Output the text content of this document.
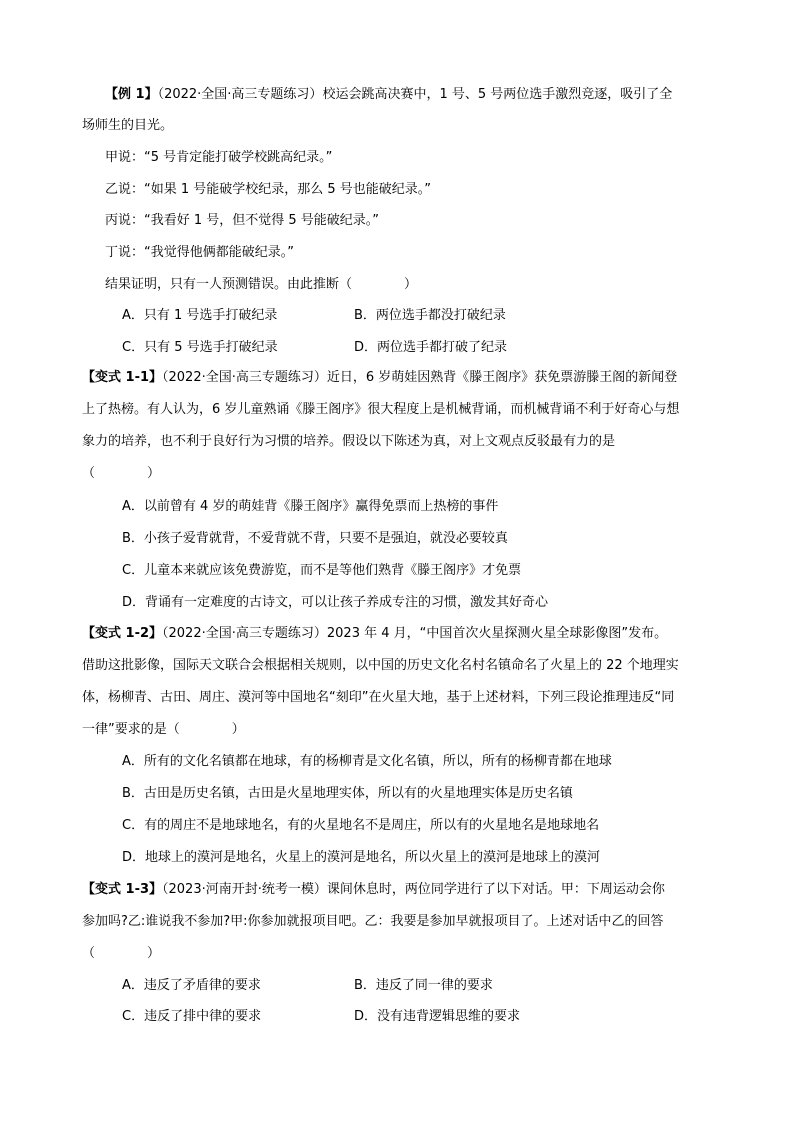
【例 1】（2022·全国·高三专题练习）校运会跳高决赛中，1 号、5 号两位选手激烈竞逐，吸引了全
场师生的目光。
甲说：“5 号肯定能打破学校跳高纪录。”
乙说：“如果 1 号能破学校纪录，那么 5 号也能破纪录。”
丙说：“我看好 1 号，但不觉得 5 号能破纪录。”
丁说：“我觉得他俩都能破纪录。”
结果证明，只有一人预测错误。由此推断（　　　　）
A．只有 1 号选手打破纪录	B．两位选手都没打破纪录
C．只有 5 号选手打破纪录	D．两位选手都打破了纪录
【变式 1-1】（2022·全国·高三专题练习）近日，6 岁萌娃因熟背《滕王阁序》获免票游滕王阁的新闻登
上了热榜。有人认为，6 岁儿童熟诵《滕王阁序》很大程度上是机械背诵，而机械背诵不利于好奇心与想
象力的培养，也不利于良好行为习惯的培养。假设以下陈述为真，对上文观点反驳最有力的是
（　　　　）
A．以前曾有 4 岁的萌娃背《滕王阁序》赢得免票而上热榜的事件
B．小孩子爱背就背，不爱背就不背，只要不是强迫，就没必要较真
C．儿童本来就应该免费游览，而不是等他们熟背《滕王阁序》才免票
D．背诵有一定难度的古诗文，可以让孩子养成专注的习惯，激发其好奇心
【变式 1-2】（2022·全国·高三专题练习）2023 年 4 月，“中国首次火星探测火星全球影像图”发布。
借助这批影像，国际天文联合会根据相关规则，以中国的历史文化名村名镇命名了火星上的 22 个地理实
体，杨柳青、古田、周庄、漠河等中国地名“刻印”在火星大地，基于上述材料，下列三段论推理违反“同
一律”要求的是（　　　　）
A．所有的文化名镇都在地球，有的杨柳青是文化名镇，所以，所有的杨柳青都在地球
B．古田是历史名镇，古田是火星地理实体，所以有的火星地理实体是历史名镇
C．有的周庄不是地球地名，有的火星地名不是周庄，所以有的火星地名是地球地名
D．地球上的漠河是地名，火星上的漠河是地名，所以火星上的漠河是地球上的漠河
【变式 1-3】（2023·河南开封·统考一模）课间休息时，两位同学进行了以下对话。甲：下周运动会你
参加吗?乙:谁说我不参加?甲:你参加就报项目吧。乙：我要是参加早就报项目了。上述对话中乙的回答
（　　　　）
A．违反了矛盾律的要求	B．违反了同一律的要求
C．违反了排中律的要求	D．没有违背逻辑思维的要求
